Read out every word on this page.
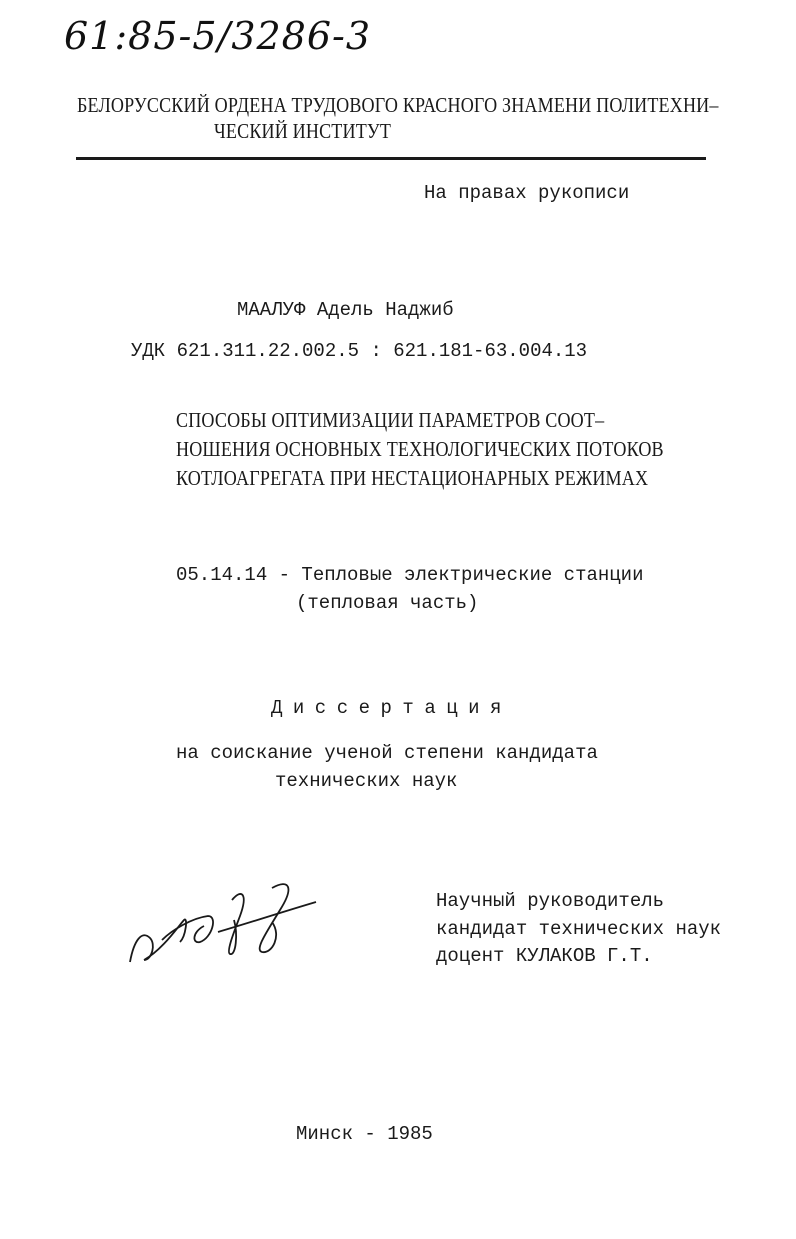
61:85-5/3286-3
БЕЛОРУССКИЙ ОРДЕНА ТРУДОВОГО КРАСНОГО ЗНАМЕНИ ПОЛИТЕХНИ–
ЧЕСКИЙ ИНСТИТУТ
На правах рукописи
МААЛУФ Адель Наджиб
УДК 621.311.22.002.5 : 621.181-63.004.13
СПОСОБЫ ОПТИМИЗАЦИИ ПАРАМЕТРОВ СООТ–
НОШЕНИЯ ОСНОВНЫХ ТЕХНОЛОГИЧЕСКИХ ПОТОКОВ
КОТЛОАГРЕГАТА ПРИ НЕСТАЦИОНАРНЫХ РЕЖИМАХ
05.14.14 - Тепловые электрические станции
(тепловая часть)
Диссертация
на соискание ученой степени кандидата
технических наук
Научный руководитель
кандидат технических наук
доцент КУЛАКОВ Г.Т.
Минск - 1985
